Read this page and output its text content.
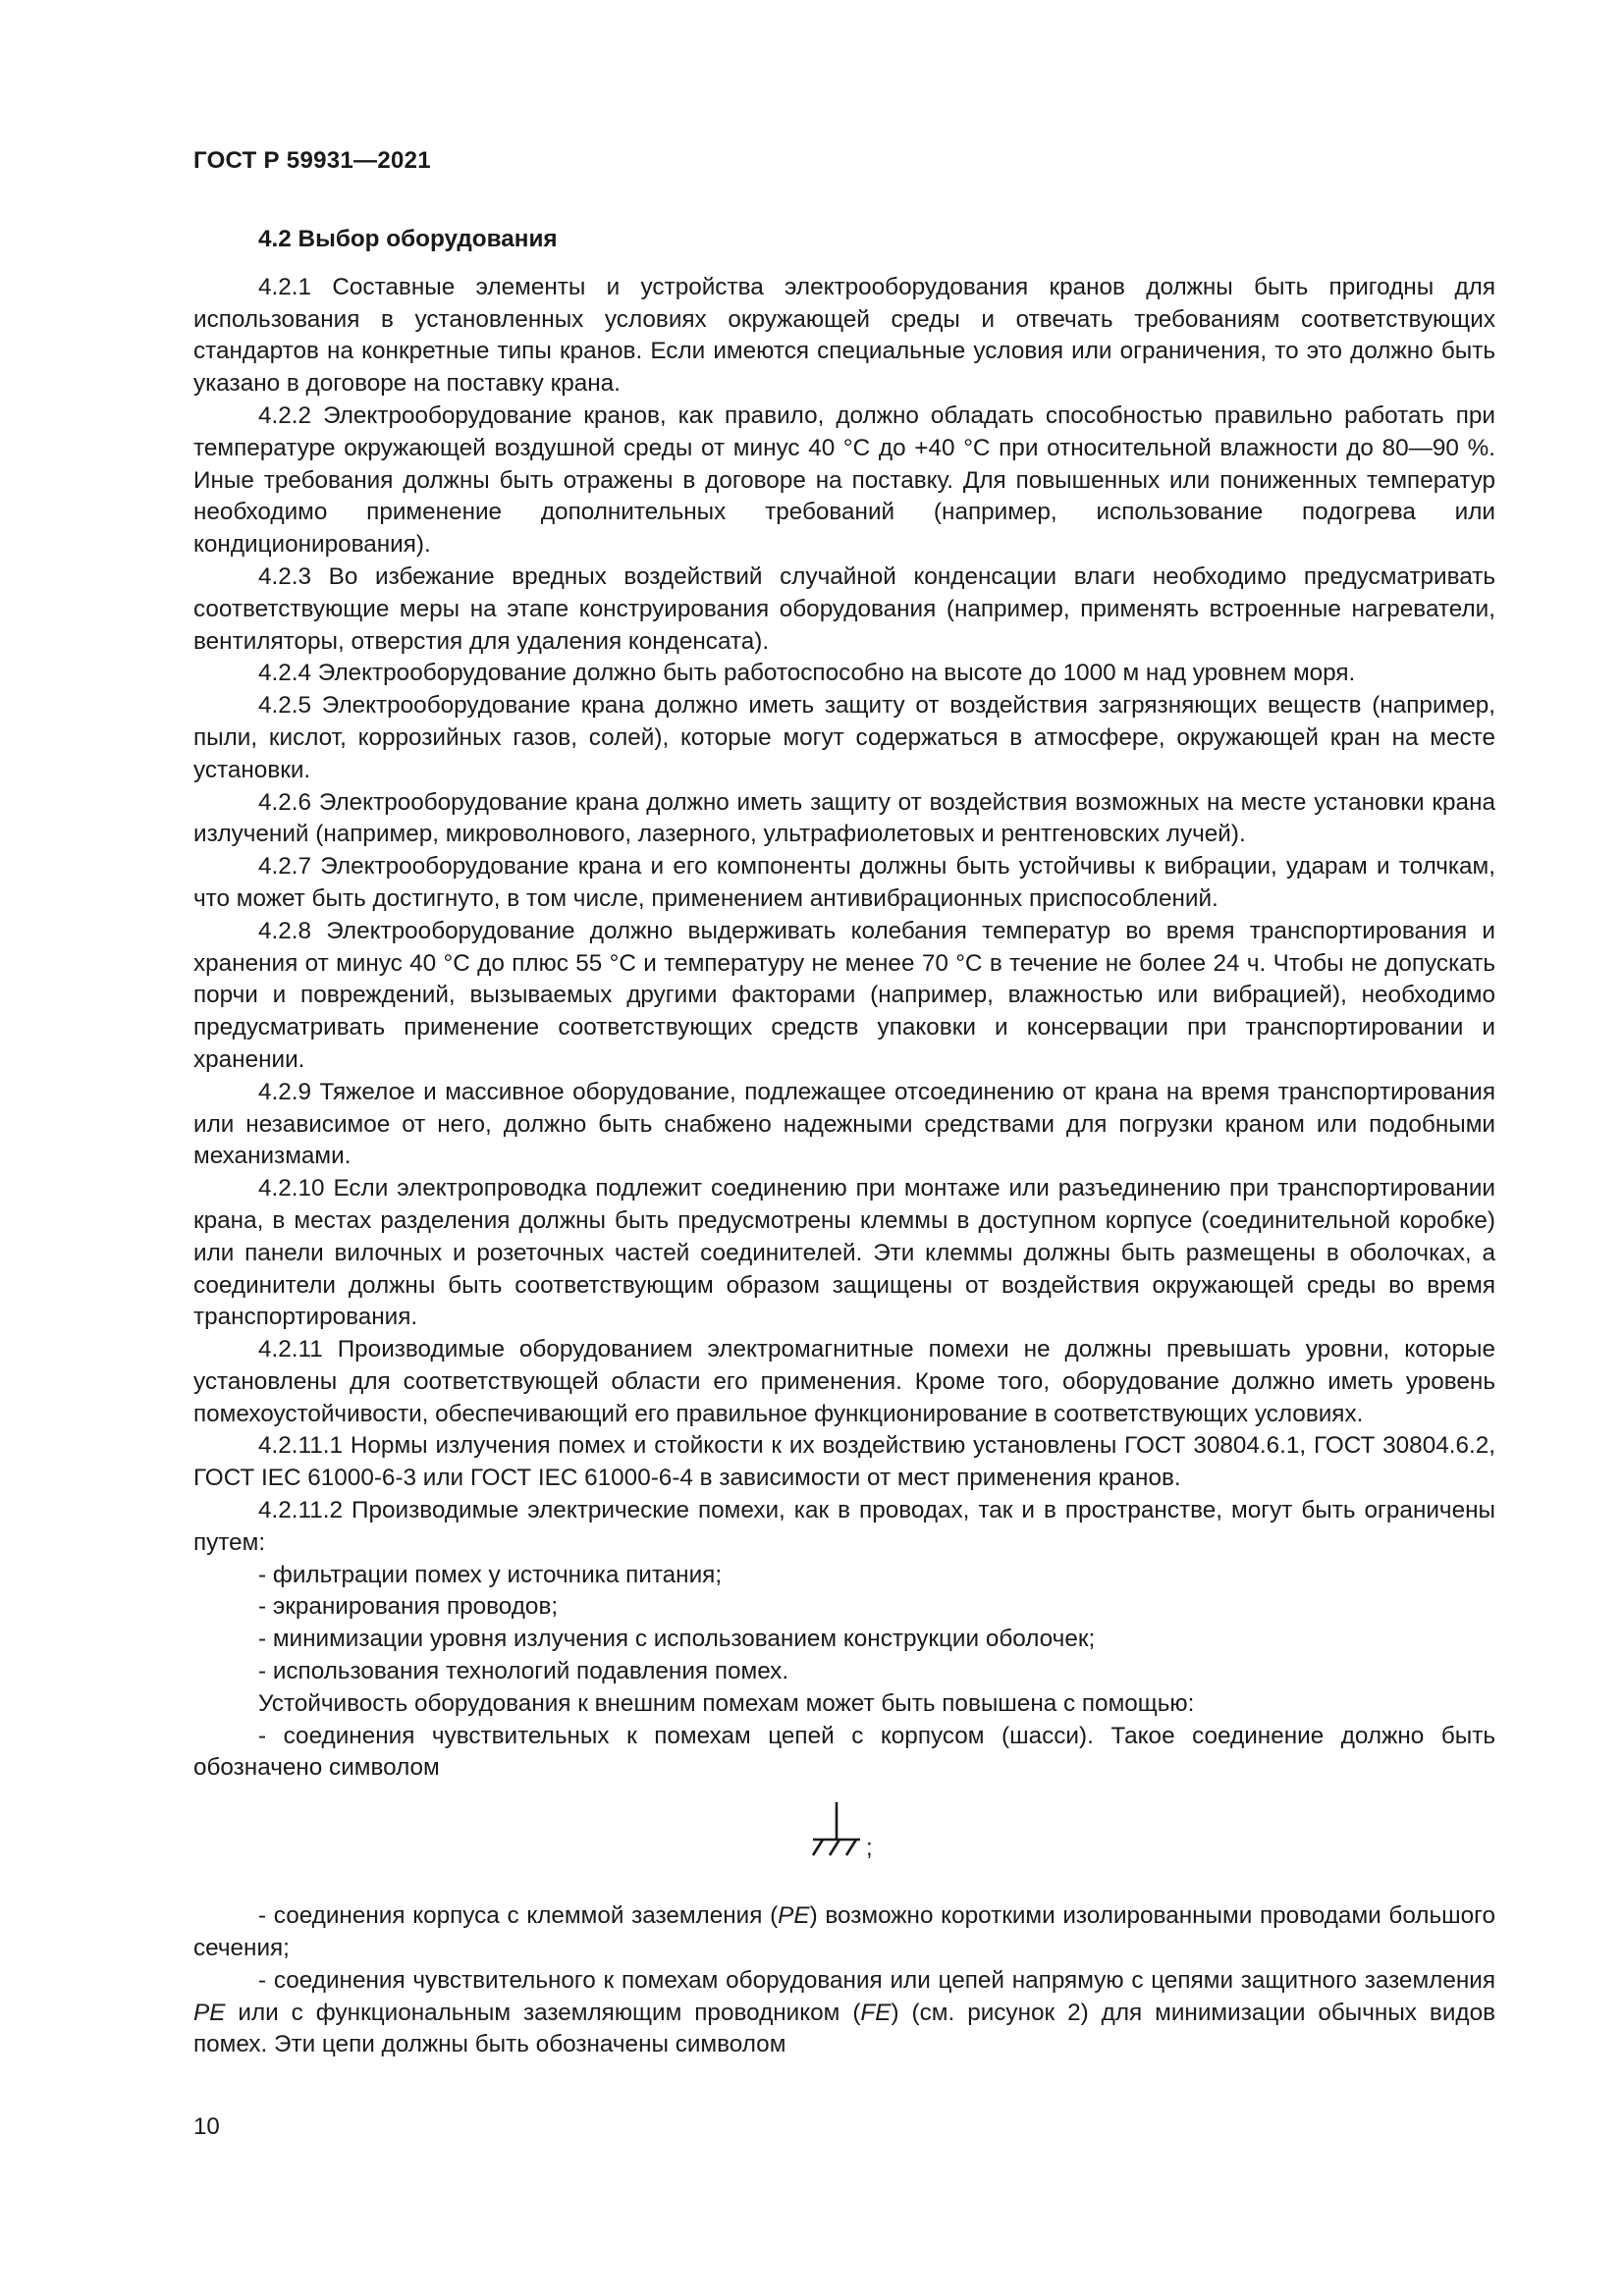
ГОСТ Р 59931—2021

4.2 Выбор оборудования

4.2.1 Составные элементы и устройства электрооборудования кранов должны быть пригодны для использования в установленных условиях окружающей среды и отвечать требованиям соответствующих стандартов на конкретные типы кранов. Если имеются специальные условия или ограничения, то это должно быть указано в договоре на поставку крана.

4.2.2 Электрооборудование кранов, как правило, должно обладать способностью правильно работать при температуре окружающей воздушной среды от минус 40 °С до +40 °С при относительной влажности до 80—90 %. Иные требования должны быть отражены в договоре на поставку. Для повышенных или пониженных температур необходимо применение дополнительных требований (например, использование подогрева или кондиционирования).

4.2.3 Во избежание вредных воздействий случайной конденсации влаги необходимо предусматривать соответствующие меры на этапе конструирования оборудования (например, применять встроенные нагреватели, вентиляторы, отверстия для удаления конденсата).

4.2.4 Электрооборудование должно быть работоспособно на высоте до 1000 м над уровнем моря.

4.2.5 Электрооборудование крана должно иметь защиту от воздействия загрязняющих веществ (например, пыли, кислот, коррозийных газов, солей), которые могут содержаться в атмосфере, окружающей кран на месте установки.

4.2.6 Электрооборудование крана должно иметь защиту от воздействия возможных на месте установки крана излучений (например, микроволнового, лазерного, ультрафиолетовых и рентгеновских лучей).

4.2.7 Электрооборудование крана и его компоненты должны быть устойчивы к вибрации, ударам и толчкам, что может быть достигнуто, в том числе, применением антивибрационных приспособлений.

4.2.8 Электрооборудование должно выдерживать колебания температур во время транспортирования и хранения от минус 40 °С до плюс 55 °С и температуру не менее 70 °С в течение не более 24 ч. Чтобы не допускать порчи и повреждений, вызываемых другими факторами (например, влажностью или вибрацией), необходимо предусматривать применение соответствующих средств упаковки и консервации при транспортировании и хранении.

4.2.9 Тяжелое и массивное оборудование, подлежащее отсоединению от крана на время транспортирования или независимое от него, должно быть снабжено надежными средствами для погрузки краном или подобными механизмами.

4.2.10 Если электропроводка подлежит соединению при монтаже или разъединению при транспортировании крана, в местах разделения должны быть предусмотрены клеммы в доступном корпусе (соединительной коробке) или панели вилочных и розеточных частей соединителей. Эти клеммы должны быть размещены в оболочках, а соединители должны быть соответствующим образом защищены от воздействия окружающей среды во время транспортирования.

4.2.11 Производимые оборудованием электромагнитные помехи не должны превышать уровни, которые установлены для соответствующей области его применения. Кроме того, оборудование должно иметь уровень помехоустойчивости, обеспечивающий его правильное функционирование в соответствующих условиях.

4.2.11.1 Нормы излучения помех и стойкости к их воздействию установлены ГОСТ 30804.6.1, ГОСТ 30804.6.2, ГОСТ IEC 61000-6-3 или ГОСТ IEC 61000-6-4 в зависимости от мест применения кранов.

4.2.11.2 Производимые электрические помехи, как в проводах, так и в пространстве, могут быть ограничены путем:

- фильтрации помех у источника питания;

- экранирования проводов;

- минимизации уровня излучения с использованием конструкции оболочек;

- использования технологий подавления помех.

Устойчивость оборудования к внешним помехам может быть повышена с помощью:

- соединения чувствительных к помехам цепей с корпусом (шасси). Такое соединение должно быть обозначено символом

;

- соединения корпуса с клеммой заземления (PE) возможно короткими изолированными проводами большого сечения;

- соединения чувствительного к помехам оборудования или цепей напрямую с цепями защитного заземления PE или с функциональным заземляющим проводником (FE) (см. рисунок 2) для минимизации обычных видов помех. Эти цепи должны быть обозначены символом

10
